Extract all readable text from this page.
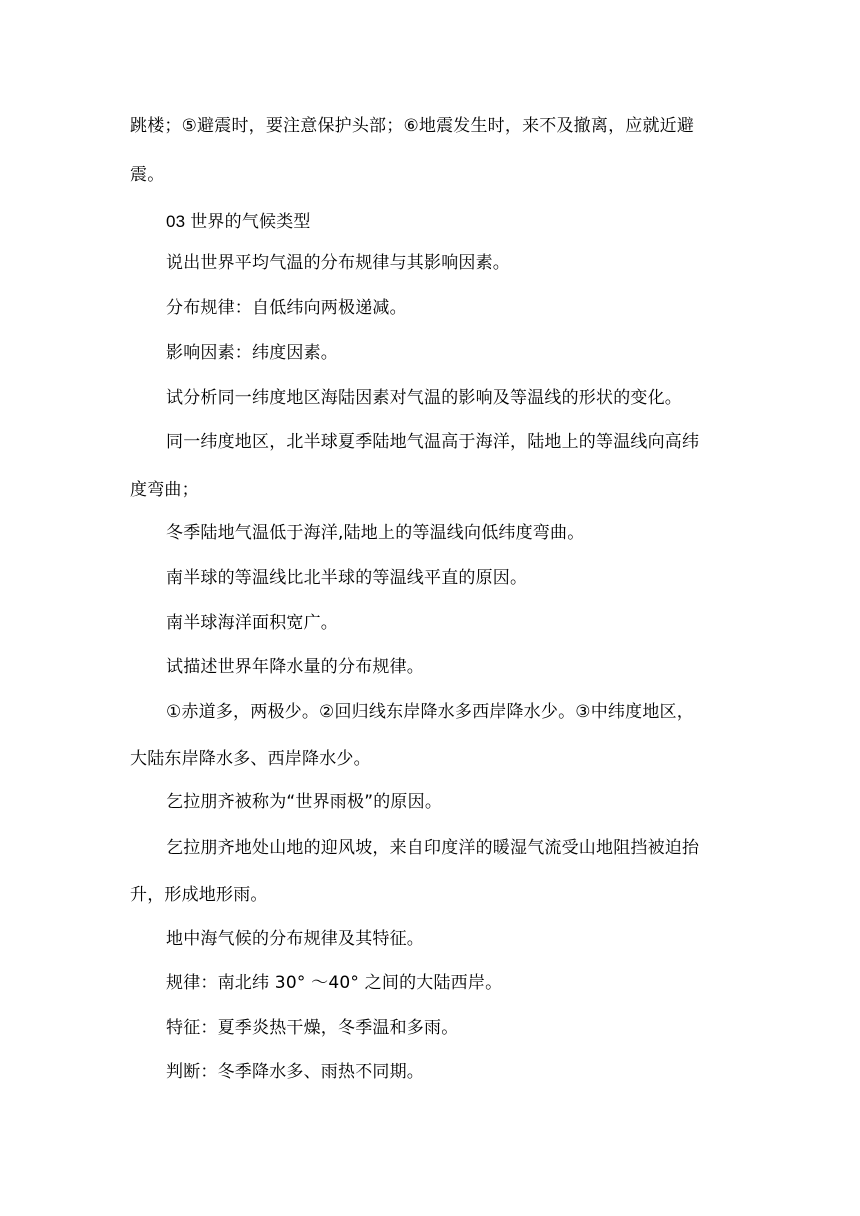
跳楼；⑤避震时，要注意保护头部；⑥地震发生时，来不及撤离，应就近避
震。
03 世界的气候类型
说出世界平均气温的分布规律与其影响因素。
分布规律：自低纬向两极递减。
影响因素：纬度因素。
试分析同一纬度地区海陆因素对气温的影响及等温线的形状的变化。
同一纬度地区，北半球夏季陆地气温高于海洋，陆地上的等温线向高纬
度弯曲；
冬季陆地气温低于海洋,陆地上的等温线向低纬度弯曲。
南半球的等温线比北半球的等温线平直的原因。
南半球海洋面积宽广。
试描述世界年降水量的分布规律。
①赤道多，两极少。②回归线东岸降水多西岸降水少。③中纬度地区，
大陆东岸降水多、西岸降水少。
乞拉朋齐被称为“世界雨极”的原因。
乞拉朋齐地处山地的迎风坡，来自印度洋的暖湿气流受山地阻挡被迫抬
升，形成地形雨。
地中海气候的分布规律及其特征。
规律：南北纬 30° ～40° 之间的大陆西岸。
特征：夏季炎热干燥，冬季温和多雨。
判断：冬季降水多、雨热不同期。
